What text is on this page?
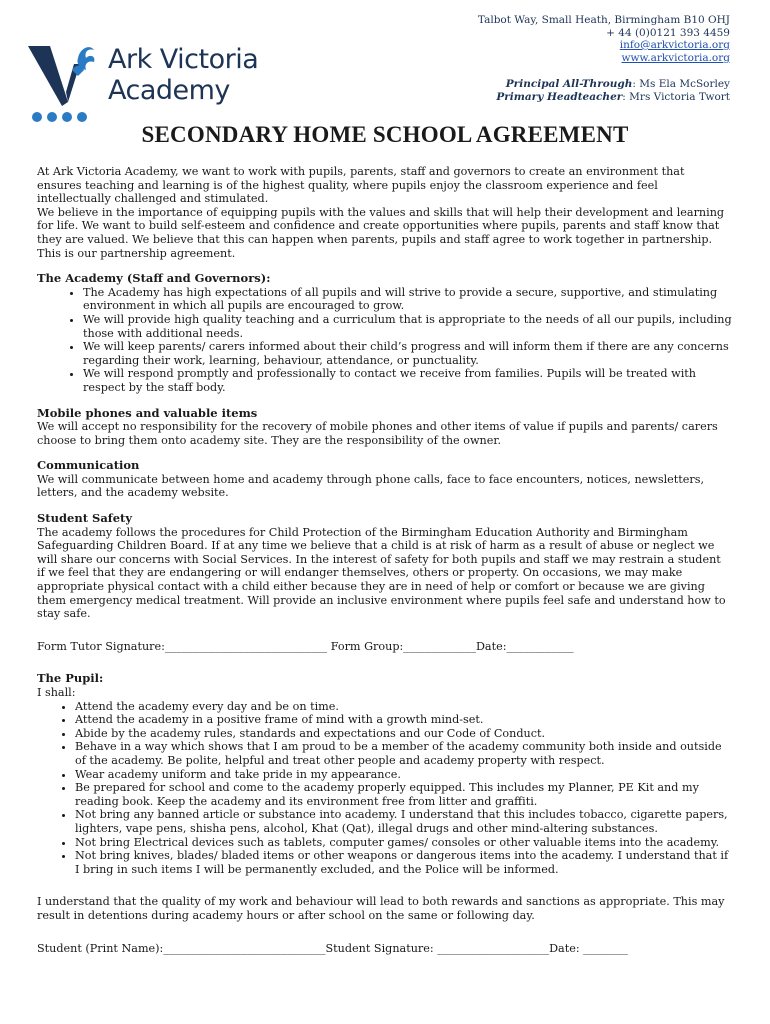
Ark Victoria
Academy
Talbot Way, Small Heath, Birmingham B10 OHJ
+ 44 (0)0121 393 4459
info@arkvictoria.org
www.arkvictoria.org
Principal All-Through: Ms Ela McSorley
Primary Headteacher: Mrs Victoria Twort
SECONDARY HOME SCHOOL AGREEMENT

At Ark Victoria Academy, we want to work with pupils, parents, staff and governors to create an environment that ensures teaching and learning is of the highest quality, where pupils enjoy the classroom experience and feel intellectually challenged and stimulated.

We believe in the importance of equipping pupils with the values and skills that will help their development and learning for life. We want to build self-esteem and confidence and create opportunities where pupils, parents and staff know that they are valued. We believe that this can happen when parents, pupils and staff agree to work together in partnership. This is our partnership agreement.

The Academy (Staff and Governors):
• The Academy has high expectations of all pupils and will strive to provide a secure, supportive, and stimulating environment in which all pupils are encouraged to grow.
• We will provide high quality teaching and a curriculum that is appropriate to the needs of all our pupils, including those with additional needs.
• We will keep parents/ carers informed about their child’s progress and will inform them if there are any concerns regarding their work, learning, behaviour, attendance, or punctuality.
• We will respond promptly and professionally to contact we receive from families. Pupils will be treated with respect by the staff body.
Mobile phones and valuable items

We will accept no responsibility for the recovery of mobile phones and other items of value if pupils and parents/ carers choose to bring them onto academy site. They are the responsibility of the owner.

Communication

We will communicate between home and academy through phone calls, face to face encounters, notices, newsletters, letters, and the academy website.

Student Safety

The academy follows the procedures for Child Protection of the Birmingham Education Authority and Birmingham Safeguarding Children Board. If at any time we believe that a child is at risk of harm as a result of abuse or neglect we will share our concerns with Social Services. In the interest of safety for both pupils and staff we may restrain a student if we feel that they are endangering or will endanger themselves, others or property. On occasions, we may make appropriate physical contact with a child either because they are in need of help or comfort or because we are giving them emergency medical treatment. Will provide an inclusive environment where pupils feel safe and understand how to stay safe.

Form Tutor Signature:_____________________________ Form Group:_____________Date:____________

The Pupil:

I shall:

• Attend the academy every day and be on time.
• Attend the academy in a positive frame of mind with a growth mind-set.
• Abide by the academy rules, standards and expectations and our Code of Conduct.
• Behave in a way which shows that I am proud to be a member of the academy community both inside and outside of the academy. Be polite, helpful and treat other people and academy property with respect.
• Wear academy uniform and take pride in my appearance.
• Be prepared for school and come to the academy properly equipped. This includes my Planner, PE Kit and my reading book. Keep the academy and its environment free from litter and graffiti.
• Not bring any banned article or substance into academy. I understand that this includes tobacco, cigarette papers, lighters, vape pens, shisha pens, alcohol, Khat (Qat), illegal drugs and other mind-altering substances.
• Not bring Electrical devices such as tablets, computer games/ consoles or other valuable items into the academy.
• Not bring knives, blades/ bladed items or other weapons or dangerous items into the academy. I understand that if I bring in such items I will be permanently excluded, and the Police will be informed.

I understand that the quality of my work and behaviour will lead to both rewards and sanctions as appropriate. This may result in detentions during academy hours or after school on the same or following day.

Student (Print Name):_____________________________Student Signature: ____________________Date: ________
